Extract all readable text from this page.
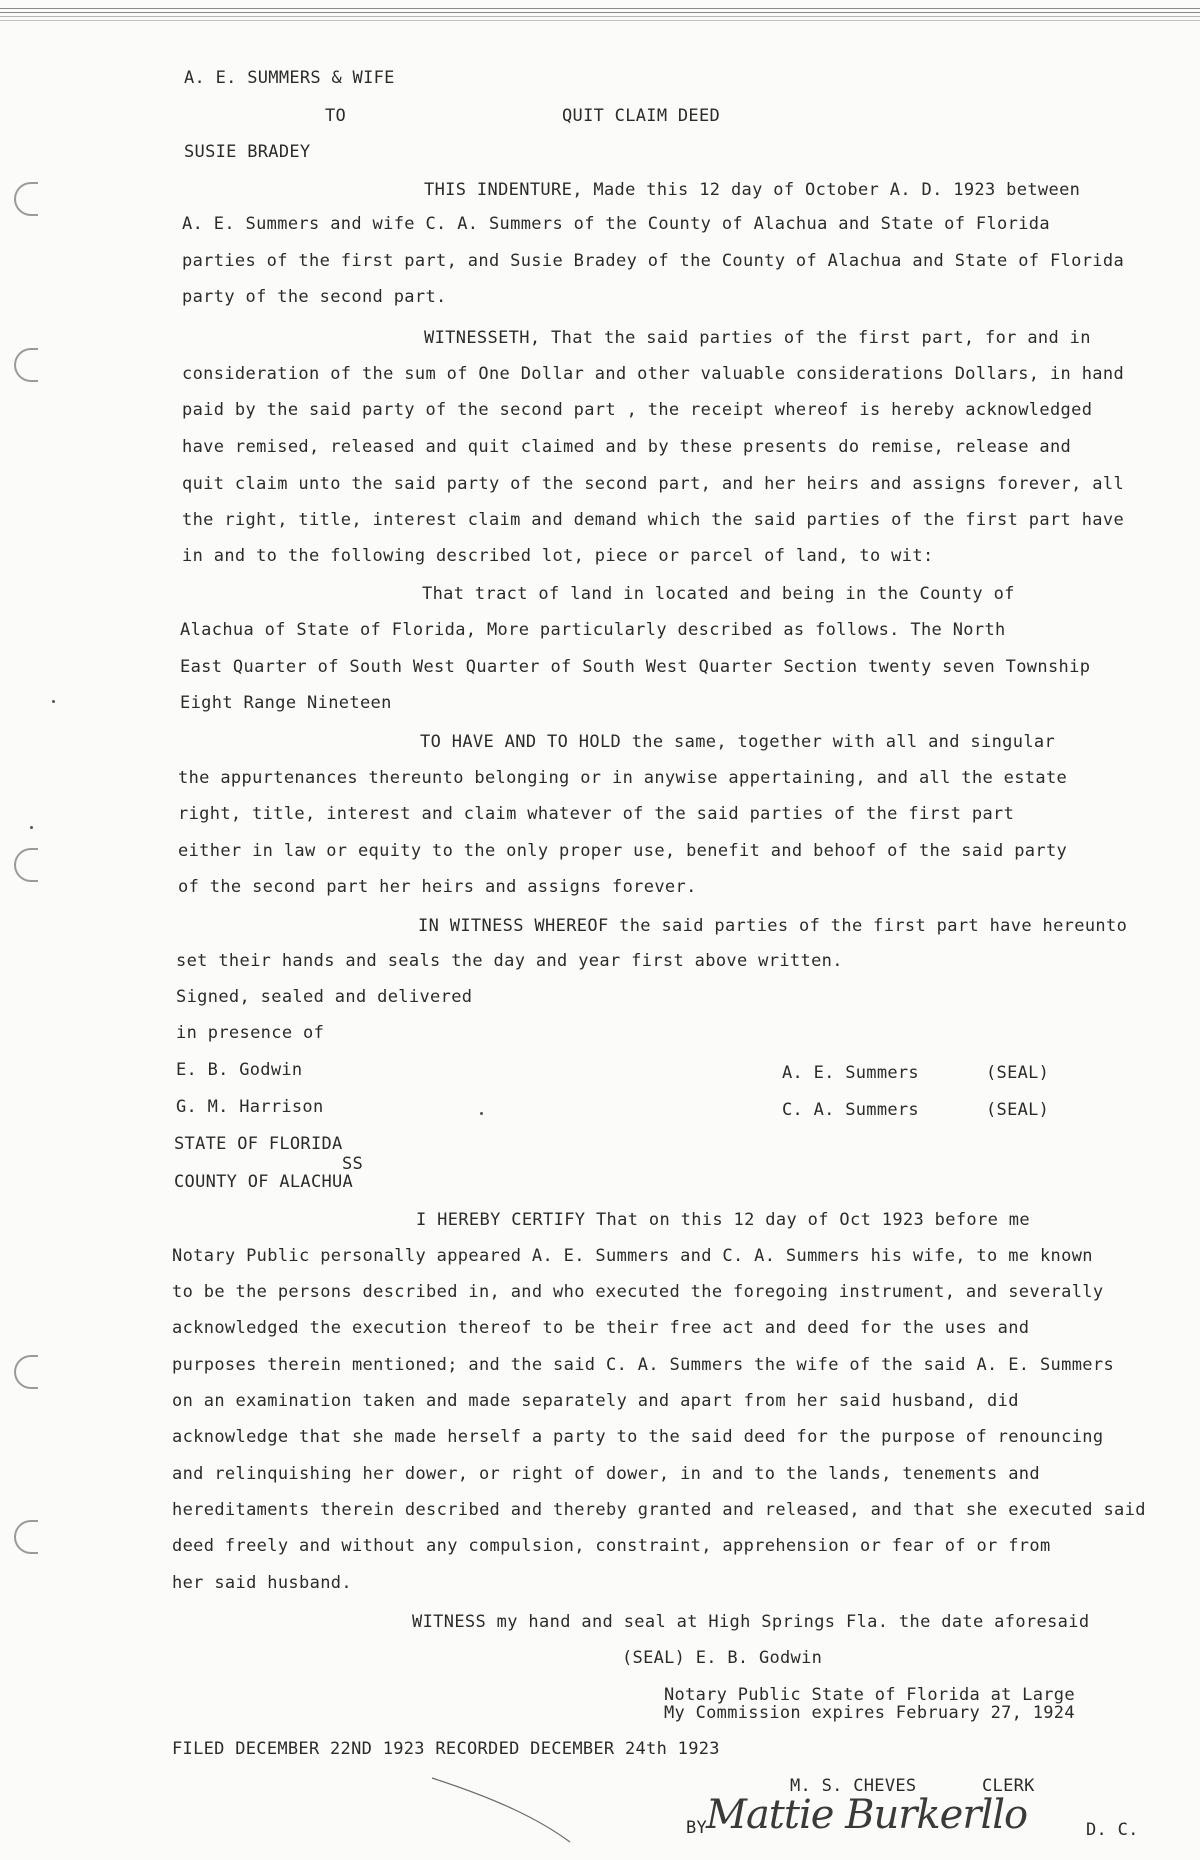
A. E. SUMMERS & WIFE
TO	QUIT CLAIM DEED
SUSIE BRADEY
THIS INDENTURE, Made this 12 day of October A. D. 1923 between
A. E. Summers and wife C. A. Summers of the County of Alachua and State of Florida
parties of the first part, and Susie Bradey of the County of Alachua and State of Florida
party of the second part.
WITNESSETH, That the said parties of the first part, for and in
consideration of the sum of One Dollar and other valuable considerations Dollars, in hand
paid by the said party of the second part , the receipt whereof is hereby acknowledged
have remised, released and quit claimed and by these presents do remise, release and
quit claim unto the said party of the second part, and her heirs and assigns forever, all
the right, title, interest claim and demand which the said parties of the first part have
in and to the following described lot, piece or parcel of land, to wit:
That tract of land in located and being in the County of
Alachua of State of Florida, More particularly described as follows. The North
East Quarter of South West Quarter of South West Quarter Section twenty seven Township
Eight Range Nineteen
TO HAVE AND TO HOLD the same, together with all and singular
the appurtenances thereunto belonging or in anywise appertaining, and all the estate
right, title, interest and claim whatever of the said parties of the first part
either in law or equity to the only proper use, benefit and behoof of the said party
of the second part her heirs and assigns forever.
IN WITNESS WHEREOF the said parties of the first part have hereunto
set their hands and seals the day and year first above written.
Signed, sealed and delivered
in presence of
E. B. Godwin
G. M. Harrison
A. E. Summers	(SEAL)
C. A. Summers	(SEAL)
STATE OF FLORIDA
SS
COUNTY OF ALACHUA
I HEREBY CERTIFY That on this 12 day of Oct 1923 before me
Notary Public personally appeared A. E. Summers and C. A. Summers his wife, to me known
to be the persons described in, and who executed the foregoing instrument, and severally
acknowledged the execution thereof to be their free act and deed for the uses and
purposes therein mentioned; and the said C. A. Summers the wife of the said A. E. Summers
on an examination taken and made separately and apart from her said husband, did
acknowledge that she made herself a party to the said deed for the purpose of renouncing
and relinquishing her dower, or right of dower, in and to the lands, tenements and
hereditaments therein described and thereby granted and released, and that she executed said
deed freely and without any compulsion, constraint, apprehension or fear of or from
her said husband.
WITNESS my hand and seal at High Springs Fla. the date aforesaid
(SEAL) E. B. Godwin
Notary Public State of Florida at Large
My Commission expires February 27, 1924
FILED DECEMBER 22ND 1923 RECORDED DECEMBER 24th 1923
M. S. CHEVES	CLERK
BY
Mattie Burkerllo	D. C.
